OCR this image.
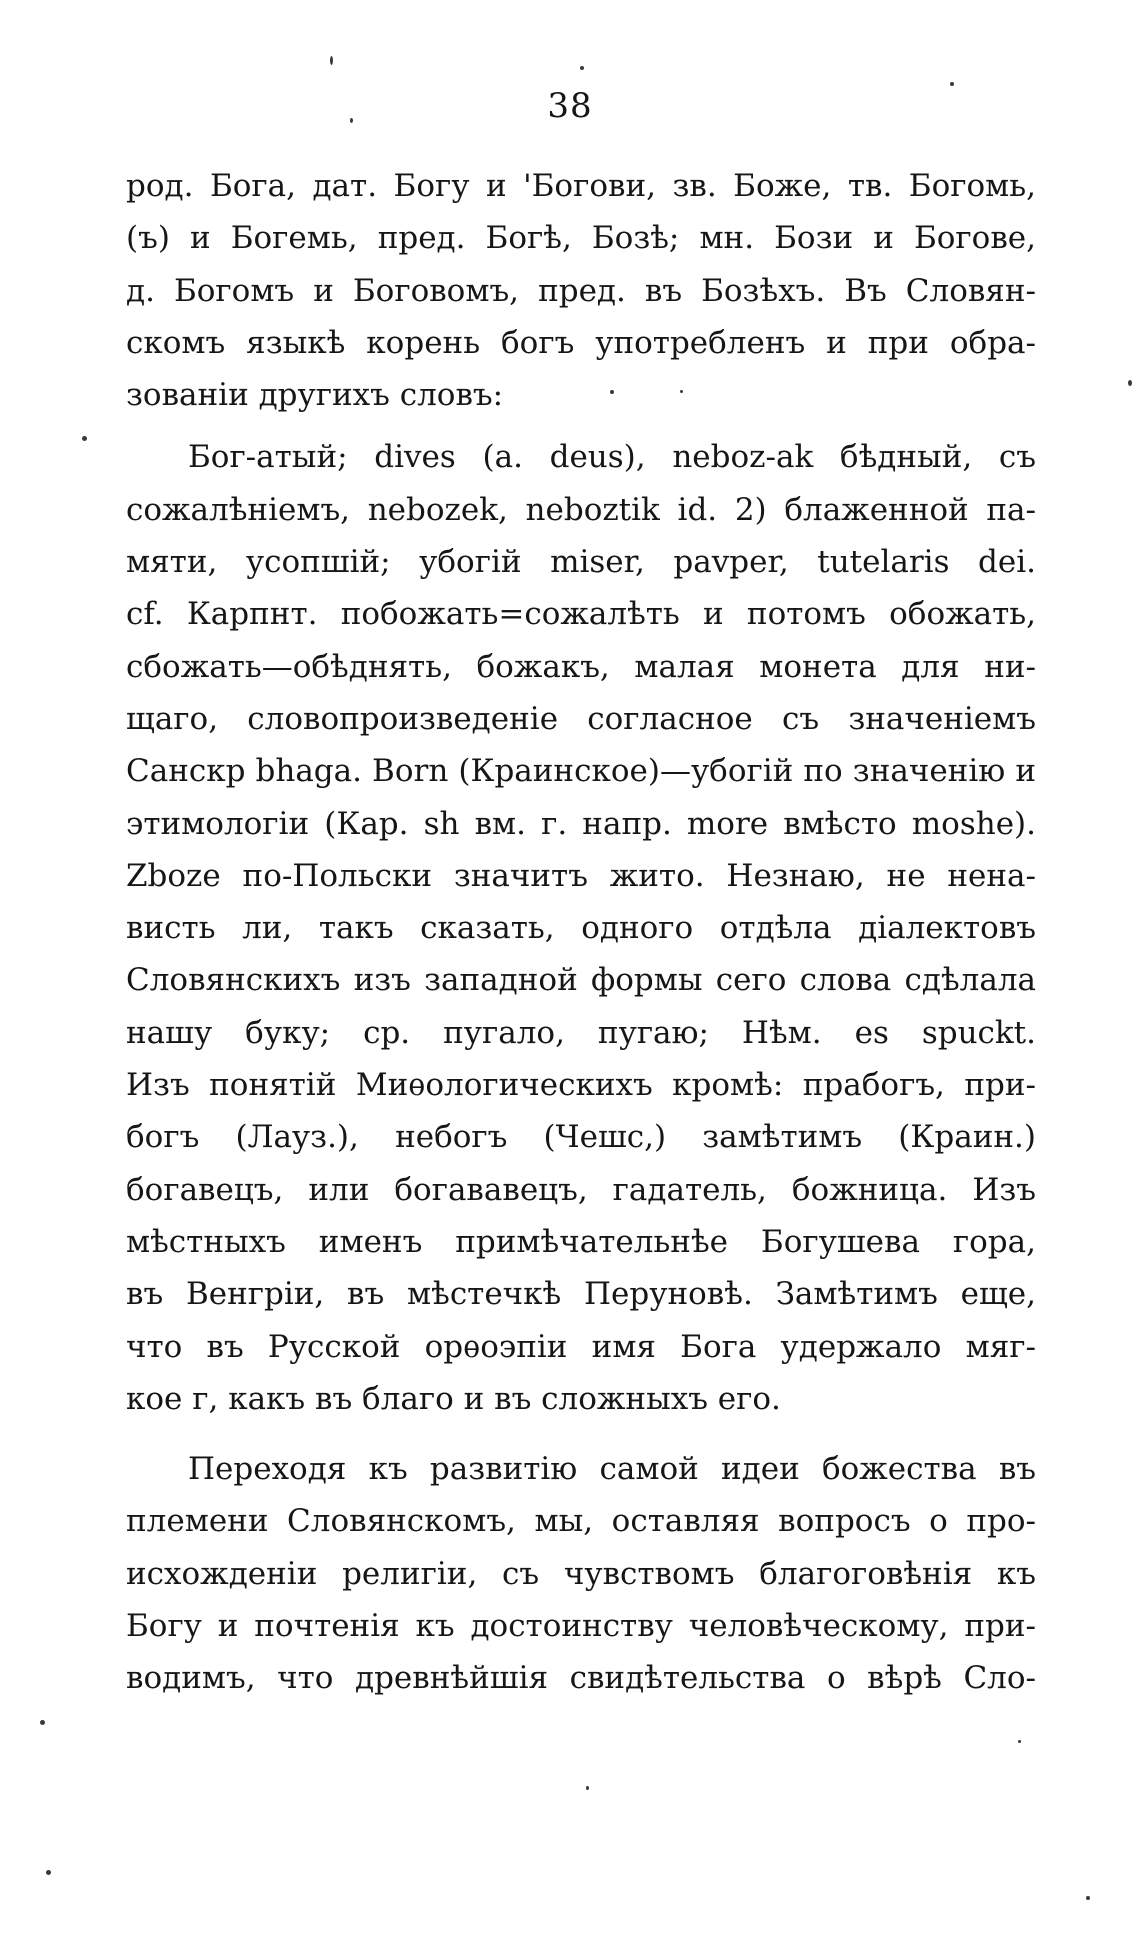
38

род. Бога, дат. Богу и 'Богови, зв. Боже, тв. Богомь,
(ъ) и Богемь, пред. Богѣ, Бозѣ; мн. Бози и Богове,
д. Богомъ и Боговомъ, пред. въ Бозѣхъ. Въ Словян-
скомъ языкѣ корень богъ употребленъ и при обра-
зованіи другихъ словъ:

Бог-атый; dives (a. deus), neboz-ak бѣдный, съ
сожалѣніемъ, nebozek, neboztik id. 2) блаженной па-
мяти, усопшій; убогій miser, pavper, tutelaris dei.
cf. Карпнт. побожать=сожалѣть и потомъ обожать,
сбожать—обѣднять, божакъ, малая монета для ни-
щаго, словопроизведеніе согласное съ значеніемъ
Санскр bhaga. Born (Краинское)—убогій по значенію и
этимологіи (Кар. sh вм. г. напр. more вмѣсто moshe).
Zboze по-Польски значитъ жито. Незнаю, не нена-
висть ли, такъ сказать, одного отдѣла діалектовъ
Словянскихъ изъ западной формы сего слова сдѣлала
нашу буку; ср. пугало, пугаю; Нѣм. es spuckt.
Изъ понятій Миѳологическихъ кромѣ: прабогъ, при-
богъ (Лауз.), небогъ (Чешс,) замѣтимъ (Краин.)
богавецъ, или богававецъ, гадатель, божница. Изъ
мѣстныхъ именъ примѣчательнѣе Богушева гора,
въ Венгріи, въ мѣстечкѣ Перуновѣ. Замѣтимъ еще,
что въ Русской орѳоэпіи имя Бога удержало мяг-
кое г, какъ въ благо и въ сложныхъ его.

Переходя къ развитію самой идеи божества въ
племени Словянскомъ, мы, оставляя вопросъ о про-
исхожденіи религіи, съ чувствомъ благоговѣнія къ
Богу и почтенія къ достоинству человѣческому, при-
водимъ, что древнѣйшія свидѣтельства о вѣрѣ Сло-
